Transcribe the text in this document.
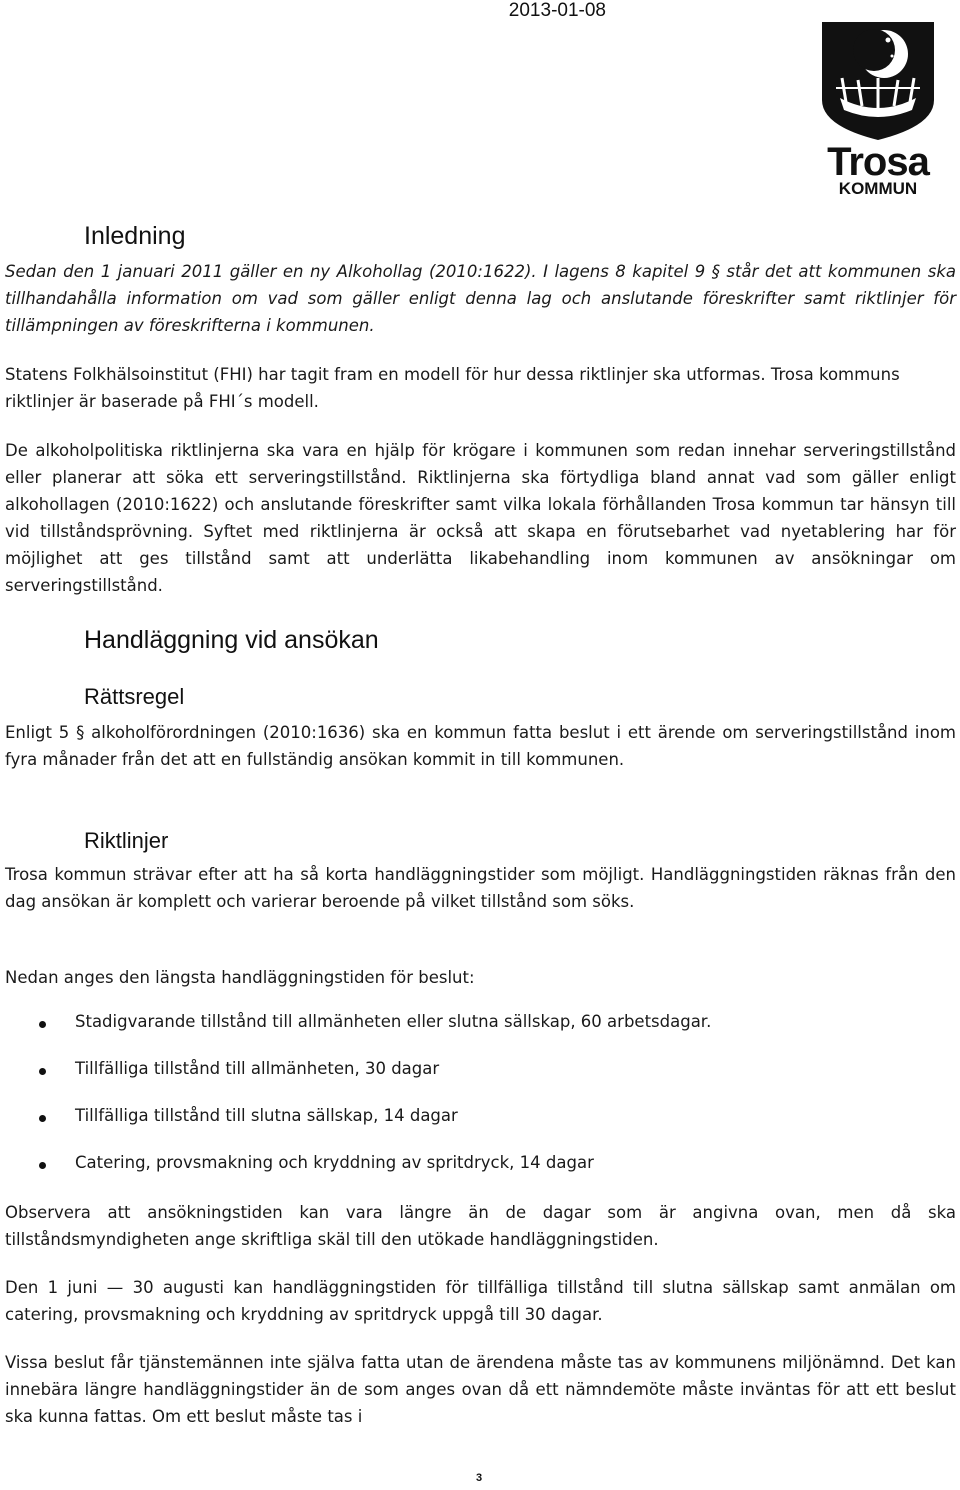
2013-01-08
Trosa
KOMMUN
Inledning

Sedan den 1 januari 2011 gäller en ny Alkohollag (2010:1622). I lagens 8 kapitel 9 § står det att kommunen ska tillhandahålla information om vad som gäller enligt denna lag och anslutande föreskrifter samt riktlinjer för tillämpningen av föreskrifterna i kommunen.

Statens Folkhälsoinstitut (FHI) har tagit fram en modell för hur dessa riktlinjer ska utformas. Trosa kommuns riktlinjer är baserade på FHI´s modell.

De alkoholpolitiska riktlinjerna ska vara en hjälp för krögare i kommunen som redan innehar serveringstillstånd eller planerar att söka ett serveringstillstånd. Riktlinjerna ska förtydliga bland annat vad som gäller enligt alkohollagen (2010:1622) och anslutande föreskrifter samt vilka lokala förhållanden Trosa kommun tar hänsyn till vid tillståndsprövning. Syftet med riktlinjerna är också att skapa en förutsebarhet vad nyetablering har för möjlighet att ges tillstånd samt att underlätta likabehandling inom kommunen av ansökningar om serveringstillstånd.

Handläggning vid ansökan
Rättsregel

Enligt 5 § alkoholförordningen (2010:1636) ska en kommun fatta beslut i ett ärende om serveringstillstånd inom fyra månader från det att en fullständig ansökan kommit in till kommunen.

Riktlinjer

Trosa kommun strävar efter att ha så korta handläggningstider som möjligt. Handläggningstiden räknas från den dag ansökan är komplett och varierar beroende på vilket tillstånd som söks.

Nedan anges den längsta handläggningstiden för beslut:

Stadigvarande tillstånd till allmänheten eller slutna sällskap, 60 arbetsdagar.
Tillfälliga tillstånd till allmänheten, 30 dagar
Tillfälliga tillstånd till slutna sällskap, 14 dagar
Catering, provsmakning och kryddning av spritdryck, 14 dagar

Observera att ansökningstiden kan vara längre än de dagar som är angivna ovan, men då ska tillståndsmyndigheten ange skriftliga skäl till den utökade handläggningstiden.

Den 1 juni — 30 augusti kan handläggningstiden för tillfälliga tillstånd till slutna sällskap samt anmälan om catering, provsmakning och kryddning av spritdryck uppgå till 30 dagar.

Vissa beslut får tjänstemännen inte själva fatta utan de ärendena måste tas av kommunens miljönämnd. Det kan innebära längre handläggningstider än de som anges ovan då ett nämndemöte måste inväntas för att ett beslut ska kunna fattas. Om ett beslut måste tas i

3
